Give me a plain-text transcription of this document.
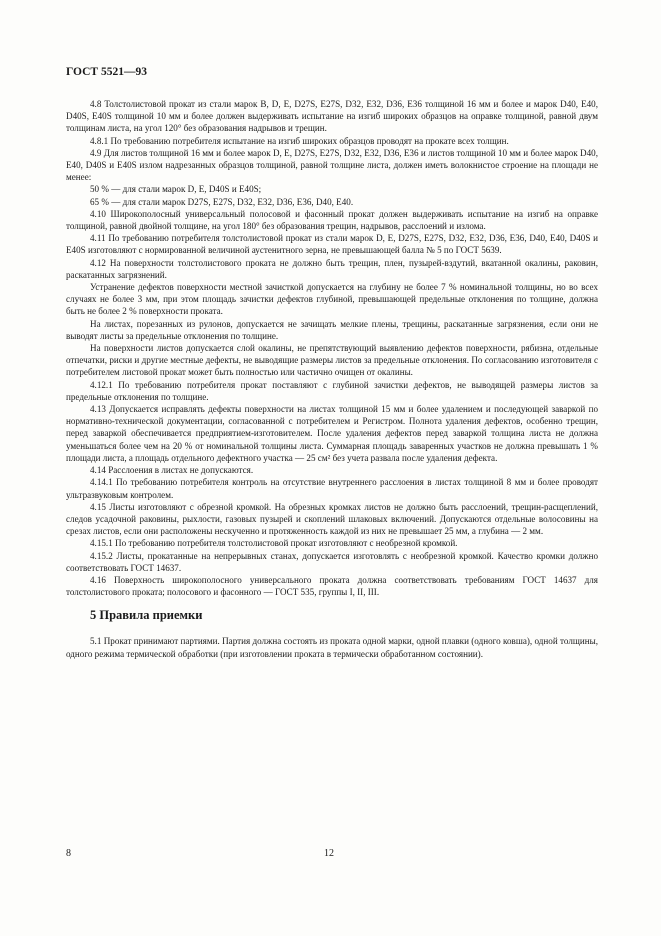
ГОСТ 5521—93

4.8 Толстолистовой прокат из стали марок B, D, E, D27S, E27S, D32, E32, D36, E36 толщиной 16 мм и более и марок D40, E40, D40S, E40S толщиной 10 мм и более должен выдерживать испытание на изгиб широких образцов на оправке толщиной, равной двум толщинам листа, на угол 120° без образования надрывов и трещин.

4.8.1 По требованию потребителя испытание на изгиб широких образцов проводят на прокате всех толщин.

4.9 Для листов толщиной 16 мм и более марок D, E, D27S, E27S, D32, E32, D36, E36 и листов толщиной 10 мм и более марок D40, E40, D40S и E40S излом надрезанных образцов толщиной, равной толщине листа, должен иметь волокнистое строение на площади не менее:

50 % — для стали марок D, E, D40S и E40S;

65 % — для стали марок D27S, E27S, D32, E32, D36, E36, D40, E40.

4.10 Широкополосный универсальный полосовой и фасонный прокат должен выдерживать испытание на изгиб на оправке толщиной, равной двойной толщине, на угол 180° без образования трещин, надрывов, расслоений и излома.

4.11 По требованию потребителя толстолистовой прокат из стали марок D, E, D27S, E27S, D32, E32, D36, E36, D40, E40, D40S и E40S изготовляют с нормированной величиной аустенитного зерна, не превышающей балла № 5 по ГОСТ 5639.

4.12 На поверхности толстолистового проката не должно быть трещин, плен, пузырей-вздутий, вкатанной окалины, раковин, раскатанных загрязнений.

Устранение дефектов поверхности местной зачисткой допускается на глубину не более 7 % номинальной толщины, но во всех случаях не более 3 мм, при этом площадь зачистки дефектов глубиной, превышающей предельные отклонения по толщине, должна быть не более 2 % поверхности проката.

На листах, порезанных из рулонов, допускается не зачищать мелкие плены, трещины, раскатанные загрязнения, если они не выводят листы за предельные отклонения по толщине.

На поверхности листов допускается слой окалины, не препятствующий выявлению дефектов поверхности, рябизна, отдельные отпечатки, риски и другие местные дефекты, не выводящие размеры листов за предельные отклонения. По согласованию изготовителя с потребителем листовой прокат может быть полностью или частично очищен от окалины.

4.12.1 По требованию потребителя прокат поставляют с глубиной зачистки дефектов, не выводящей размеры листов за предельные отклонения по толщине.

4.13 Допускается исправлять дефекты поверхности на листах толщиной 15 мм и более удалением и последующей заваркой по нормативно-технической документации, согласованной с потребителем и Регистром. Полнота удаления дефектов, особенно трещин, перед заваркой обеспечивается предприятием-изготовителем. После удаления дефектов перед заваркой толщина листа не должна уменьшаться более чем на 20 % от номинальной толщины листа. Суммарная площадь заваренных участков не должна превышать 1 % площади листа, а площадь отдельного дефектного участка — 25 см² без учета развала после удаления дефекта.

4.14 Расслоения в листах не допускаются.

4.14.1 По требованию потребителя контроль на отсутствие внутреннего расслоения в листах толщиной 8 мм и более проводят ультразвуковым контролем.

4.15 Листы изготовляют с обрезной кромкой. На обрезных кромках листов не должно быть расслоений, трещин-расщеплений, следов усадочной раковины, рыхлости, газовых пузырей и скоплений шлаковых включений. Допускаются отдельные волосовины на срезах листов, если они расположены нескученно и протяженность каждой из них не превышает 25 мм, а глубина — 2 мм.

4.15.1 По требованию потребителя толстолистовой прокат изготовляют с необрезной кромкой.

4.15.2 Листы, прокатанные на непрерывных станах, допускается изготовлять с необрезной кромкой. Качество кромки должно соответствовать ГОСТ 14637.

4.16 Поверхность широкополосного универсального проката должна соответствовать требованиям ГОСТ 14637 для толстолистового проката; полосового и фасонного — ГОСТ 535, группы I, II, III.

5 Правила приемки

5.1 Прокат принимают партиями. Партия должна состоять из проката одной марки, одной плавки (одного ковша), одной толщины, одного режима термической обработки (при изготовлении проката в термически обработанном состоянии).

8	12
